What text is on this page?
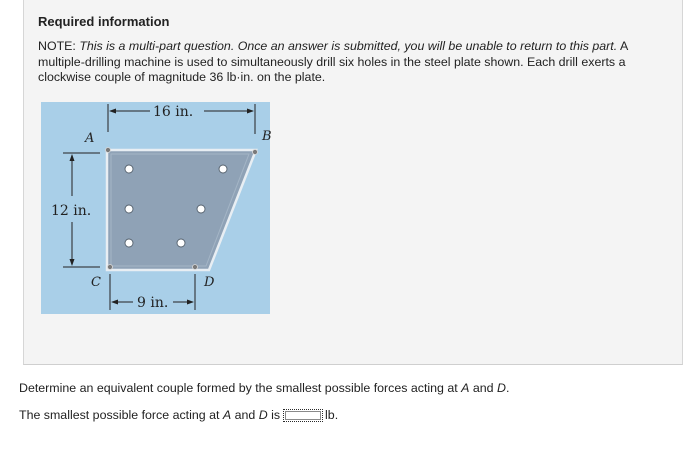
Required information
NOTE: This is a multi-part question. Once an answer is submitted, you will be unable to return to this part. A multiple-drilling machine is used to simultaneously drill six holes in the steel plate shown. Each drill exerts a clockwise couple of magnitude 36 lb·in. on the plate.
16 in.
12 in.
9 in.
A	B
C	D
Determine an equivalent couple formed by the smallest possible forces acting at A and D.
The smallest possible force acting at A and D is	lb.
